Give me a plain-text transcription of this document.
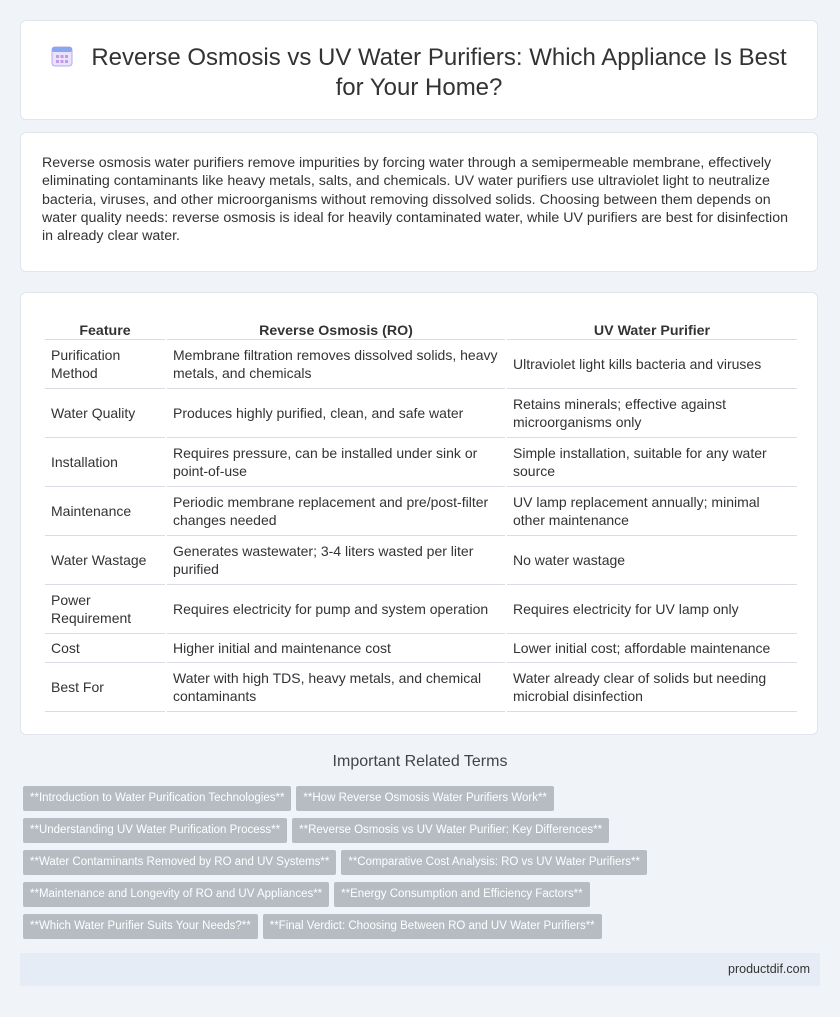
Reverse Osmosis vs UV Water Purifiers: Which Appliance Is Best
for Your Home?

Reverse osmosis water purifiers remove impurities by forcing water through a semipermeable membrane, effectively eliminating contaminants like heavy metals, salts, and chemicals. UV water purifiers use ultraviolet light to neutralize bacteria, viruses, and other microorganisms without removing dissolved solids. Choosing between them depends on water quality needs: reverse osmosis is ideal for heavily contaminated water, while UV purifiers are best for disinfection in already clear water.

Feature	Reverse Osmosis (RO)	UV Water Purifier
Purification Method	Membrane filtration removes dissolved solids, heavy metals, and chemicals	Ultraviolet light kills bacteria and viruses
Water Quality	Produces highly purified, clean, and safe water	Retains minerals; effective against microorganisms only
Installation	Requires pressure, can be installed under sink or point-of-use	Simple installation, suitable for any water source
Maintenance	Periodic membrane replacement and pre/post-filter changes needed	UV lamp replacement annually; minimal other maintenance
Water Wastage	Generates wastewater; 3-4 liters wasted per liter purified	No water wastage
Power Requirement	Requires electricity for pump and system operation	Requires electricity for UV lamp only
Cost	Higher initial and maintenance cost	Lower initial cost; affordable maintenance
Best For	Water with high TDS, heavy metals, and chemical contaminants	Water already clear of solids but needing microbial disinfection
Important Related Terms
**Introduction to Water Purification Technologies** **How Reverse Osmosis Water Purifiers Work**
**Understanding UV Water Purification Process** **Reverse Osmosis vs UV Water Purifier: Key Differences**
**Water Contaminants Removed by RO and UV Systems** **Comparative Cost Analysis: RO vs UV Water Purifiers**
**Maintenance and Longevity of RO and UV Appliances** **Energy Consumption and Efficiency Factors**
**Which Water Purifier Suits Your Needs?** **Final Verdict: Choosing Between RO and UV Water Purifiers**
productdif.com
